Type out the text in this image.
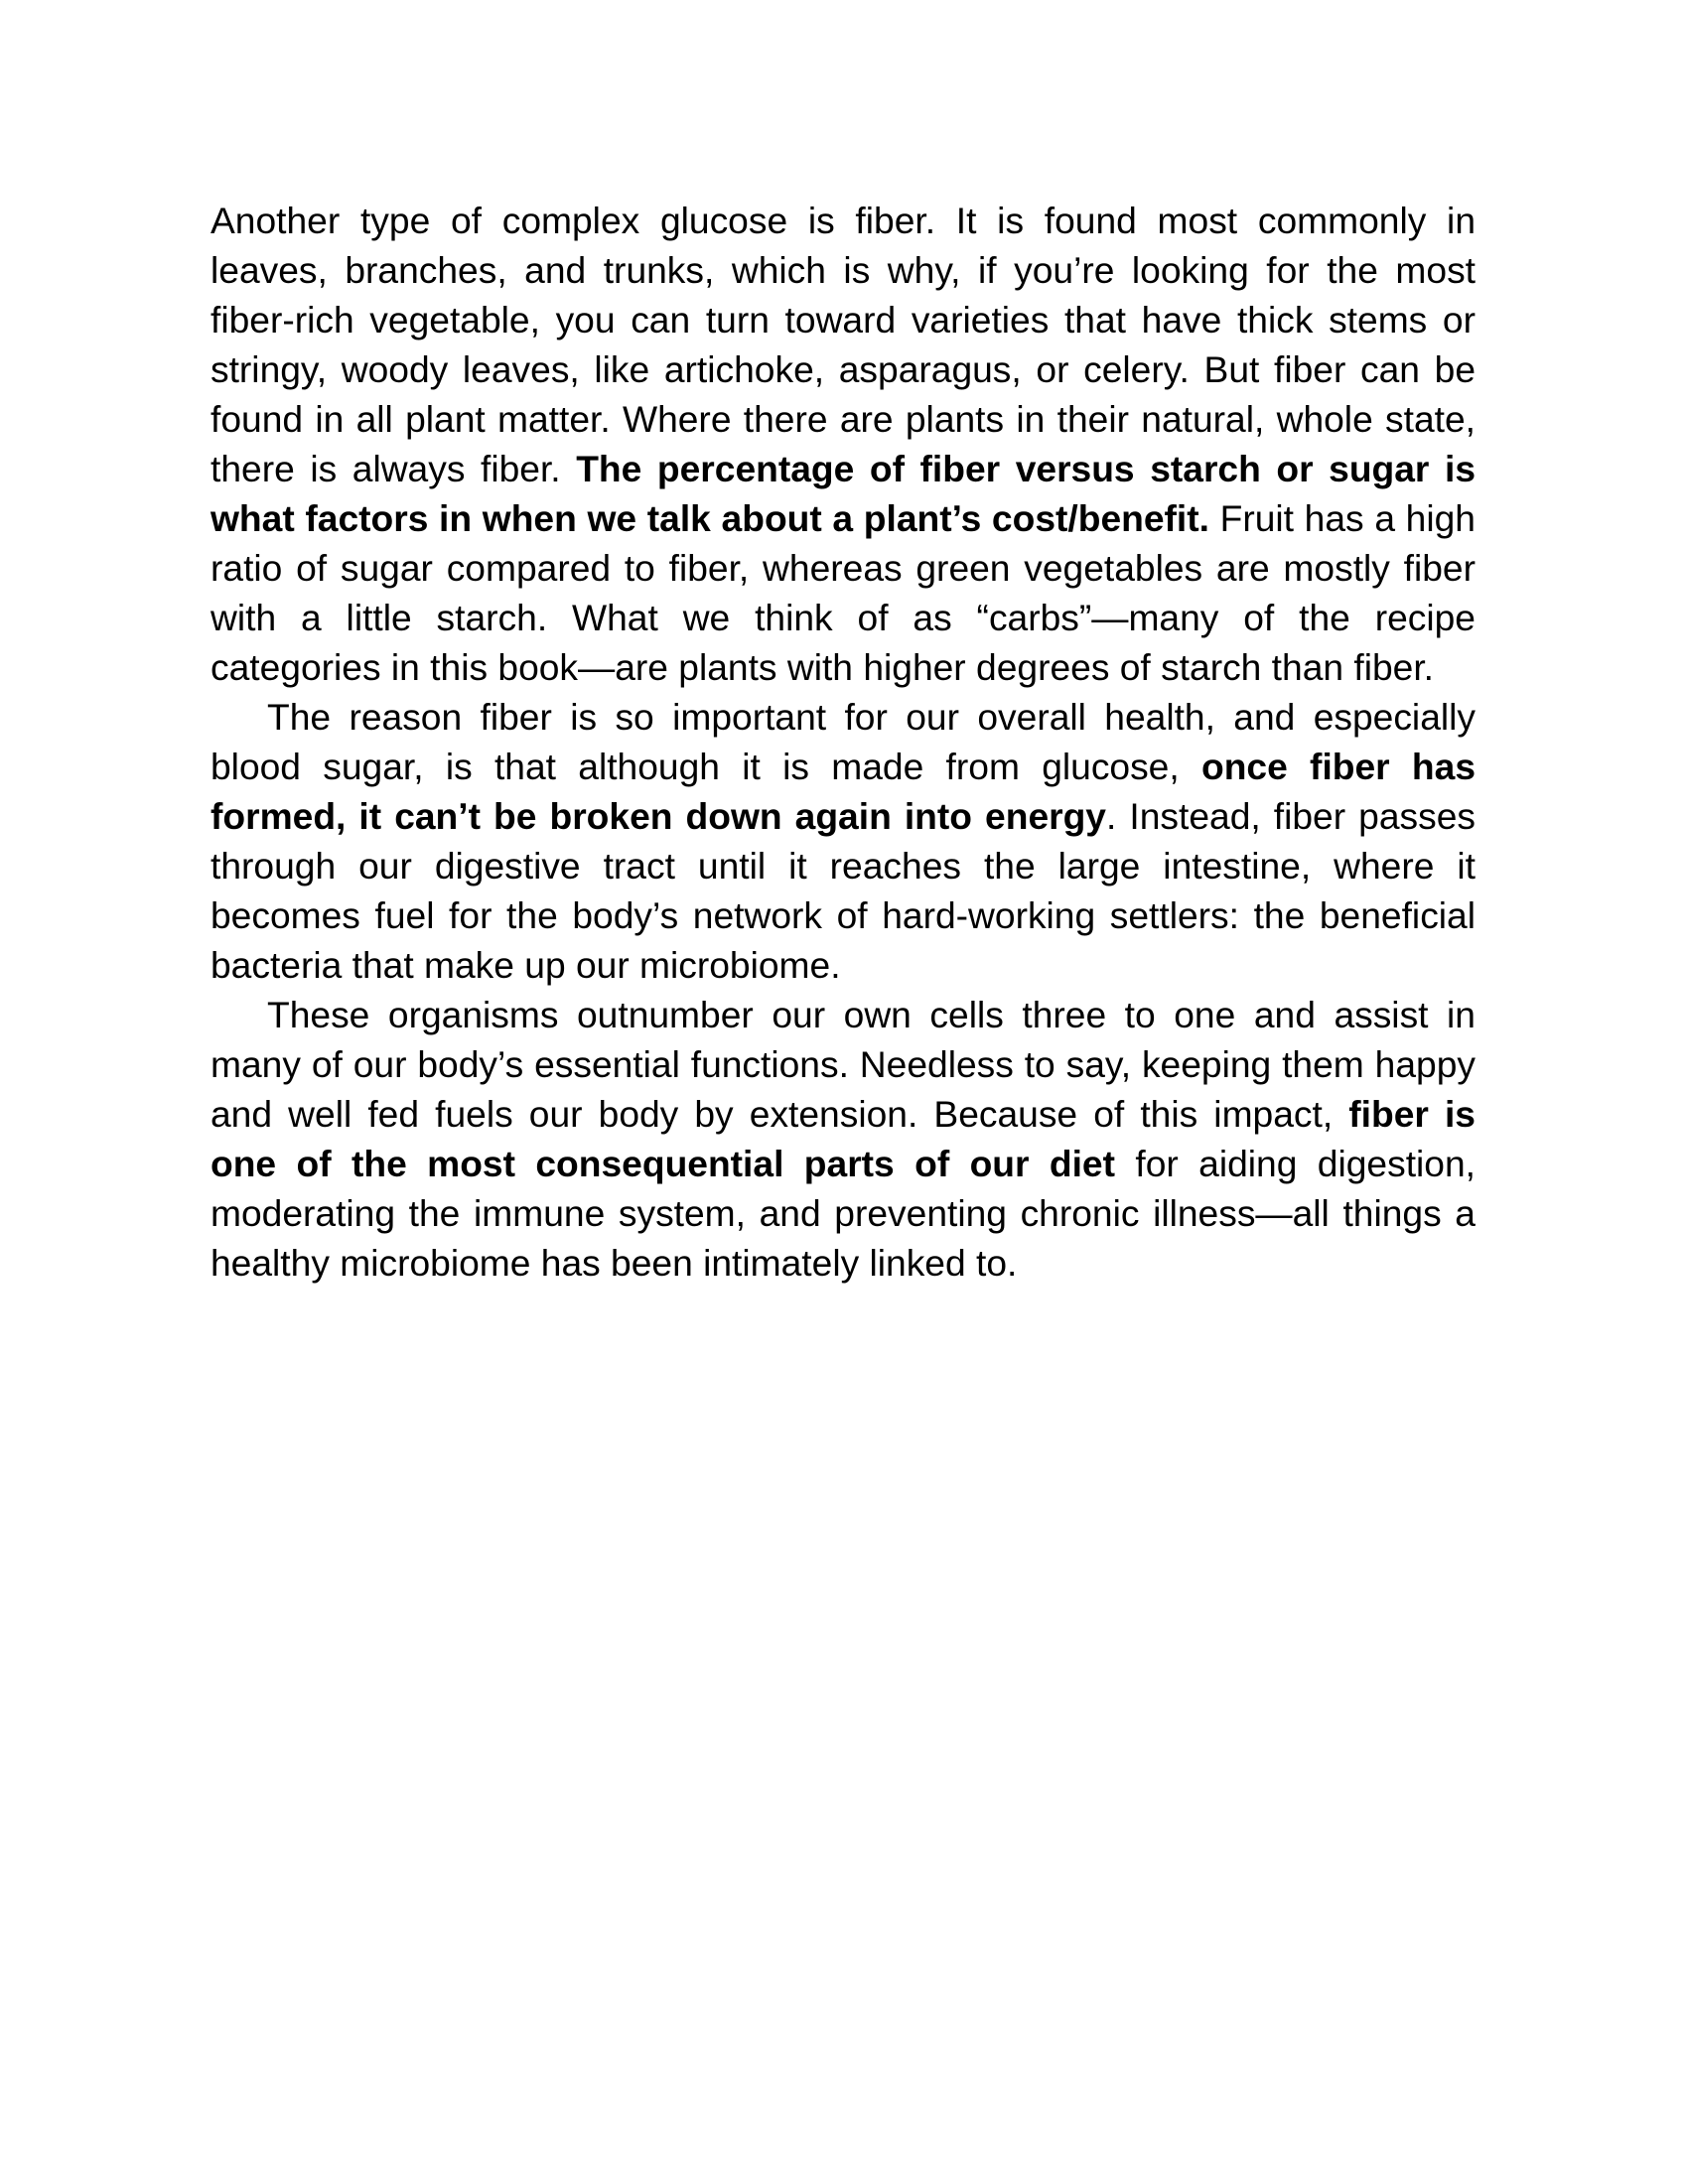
Another type of complex glucose is fiber. It is found most commonly in leaves, branches, and trunks, which is why, if you’re looking for the most fiber-rich vegetable, you can turn toward varieties that have thick stems or stringy, woody leaves, like artichoke, asparagus, or celery. But fiber can be found in all plant matter. Where there are plants in their natural, whole state, there is always fiber. The percentage of fiber versus starch or sugar is what factors in when we talk about a plant’s cost/benefit. Fruit has a high ratio of sugar compared to fiber, whereas green vegetables are mostly fiber with a little starch. What we think of as “carbs”—many of the recipe categories in this book—are plants with higher degrees of starch than fiber.

The reason fiber is so important for our overall health, and especially blood sugar, is that although it is made from glucose, once fiber has formed, it can’t be broken down again into energy. Instead, fiber passes through our digestive tract until it reaches the large intestine, where it becomes fuel for the body’s network of hard-working settlers: the beneficial bacteria that make up our microbiome.

These organisms outnumber our own cells three to one and assist in many of our body’s essential functions. Needless to say, keeping them happy and well fed fuels our body by extension. Because of this impact, fiber is one of the most consequential parts of our diet for aiding digestion, moderating the immune system, and preventing chronic illness—all things a healthy microbiome has been intimately linked to.
